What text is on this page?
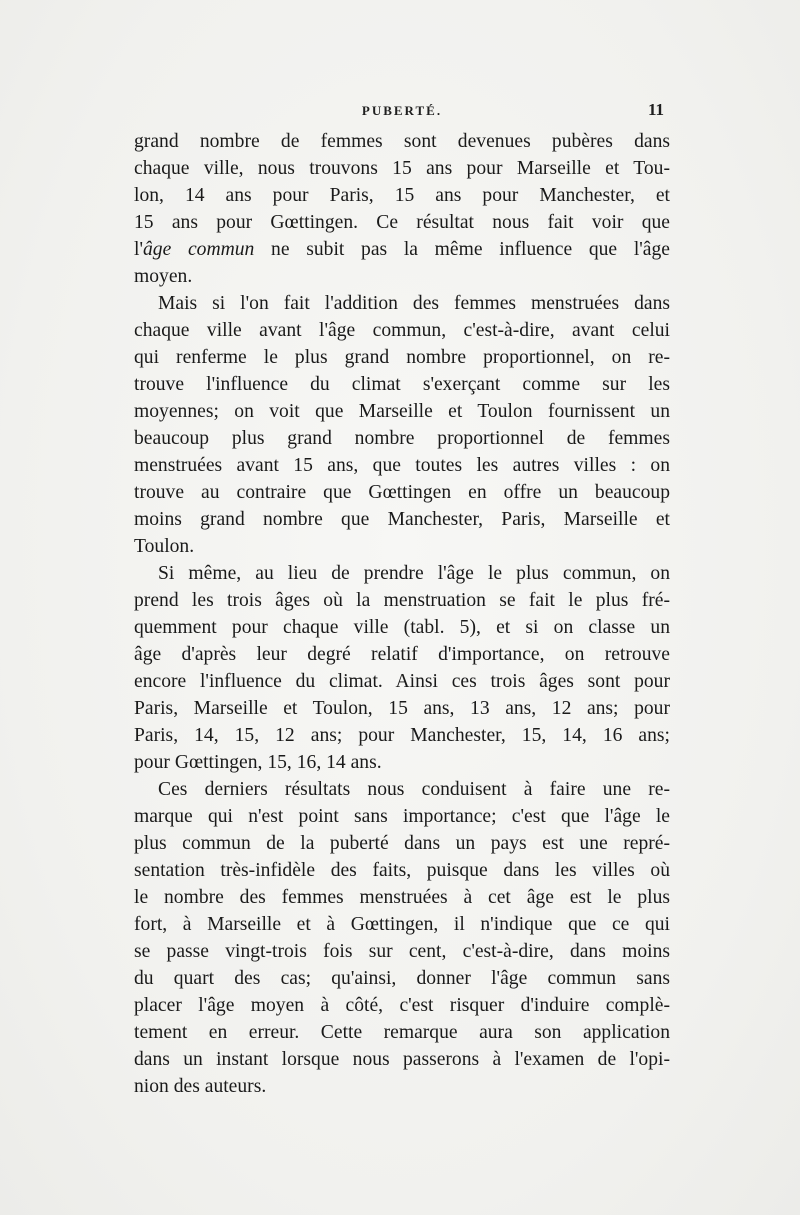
PUBERTÉ.	11
grand nombre de femmes sont devenues pubères dans
chaque ville, nous trouvons 15 ans pour Marseille et Tou-
lon, 14 ans pour Paris, 15 ans pour Manchester, et
15 ans pour Gœttingen. Ce résultat nous fait voir que
l'âge commun ne subit pas la même influence que l'âge
moyen.
Mais si l'on fait l'addition des femmes menstruées dans
chaque ville avant l'âge commun, c'est-à-dire, avant celui
qui renferme le plus grand nombre proportionnel, on re-
trouve l'influence du climat s'exerçant comme sur les
moyennes; on voit que Marseille et Toulon fournissent un
beaucoup plus grand nombre proportionnel de femmes
menstruées avant 15 ans, que toutes les autres villes : on
trouve au contraire que Gœttingen en offre un beaucoup
moins grand nombre que Manchester, Paris, Marseille et
Toulon.
Si même, au lieu de prendre l'âge le plus commun, on
prend les trois âges où la menstruation se fait le plus fré-
quemment pour chaque ville (tabl. 5), et si on classe un
âge d'après leur degré relatif d'importance, on retrouve
encore l'influence du climat. Ainsi ces trois âges sont pour
Paris, Marseille et Toulon, 15 ans, 13 ans, 12 ans; pour
Paris, 14, 15, 12 ans; pour Manchester, 15, 14, 16 ans;
pour Gœttingen, 15, 16, 14 ans.
Ces derniers résultats nous conduisent à faire une re-
marque qui n'est point sans importance; c'est que l'âge le
plus commun de la puberté dans un pays est une repré-
sentation très-infidèle des faits, puisque dans les villes où
le nombre des femmes menstruées à cet âge est le plus
fort, à Marseille et à Gœttingen, il n'indique que ce qui
se passe vingt-trois fois sur cent, c'est-à-dire, dans moins
du quart des cas; qu'ainsi, donner l'âge commun sans
placer l'âge moyen à côté, c'est risquer d'induire complè-
tement en erreur. Cette remarque aura son application
dans un instant lorsque nous passerons à l'examen de l'opi-
nion des auteurs.
